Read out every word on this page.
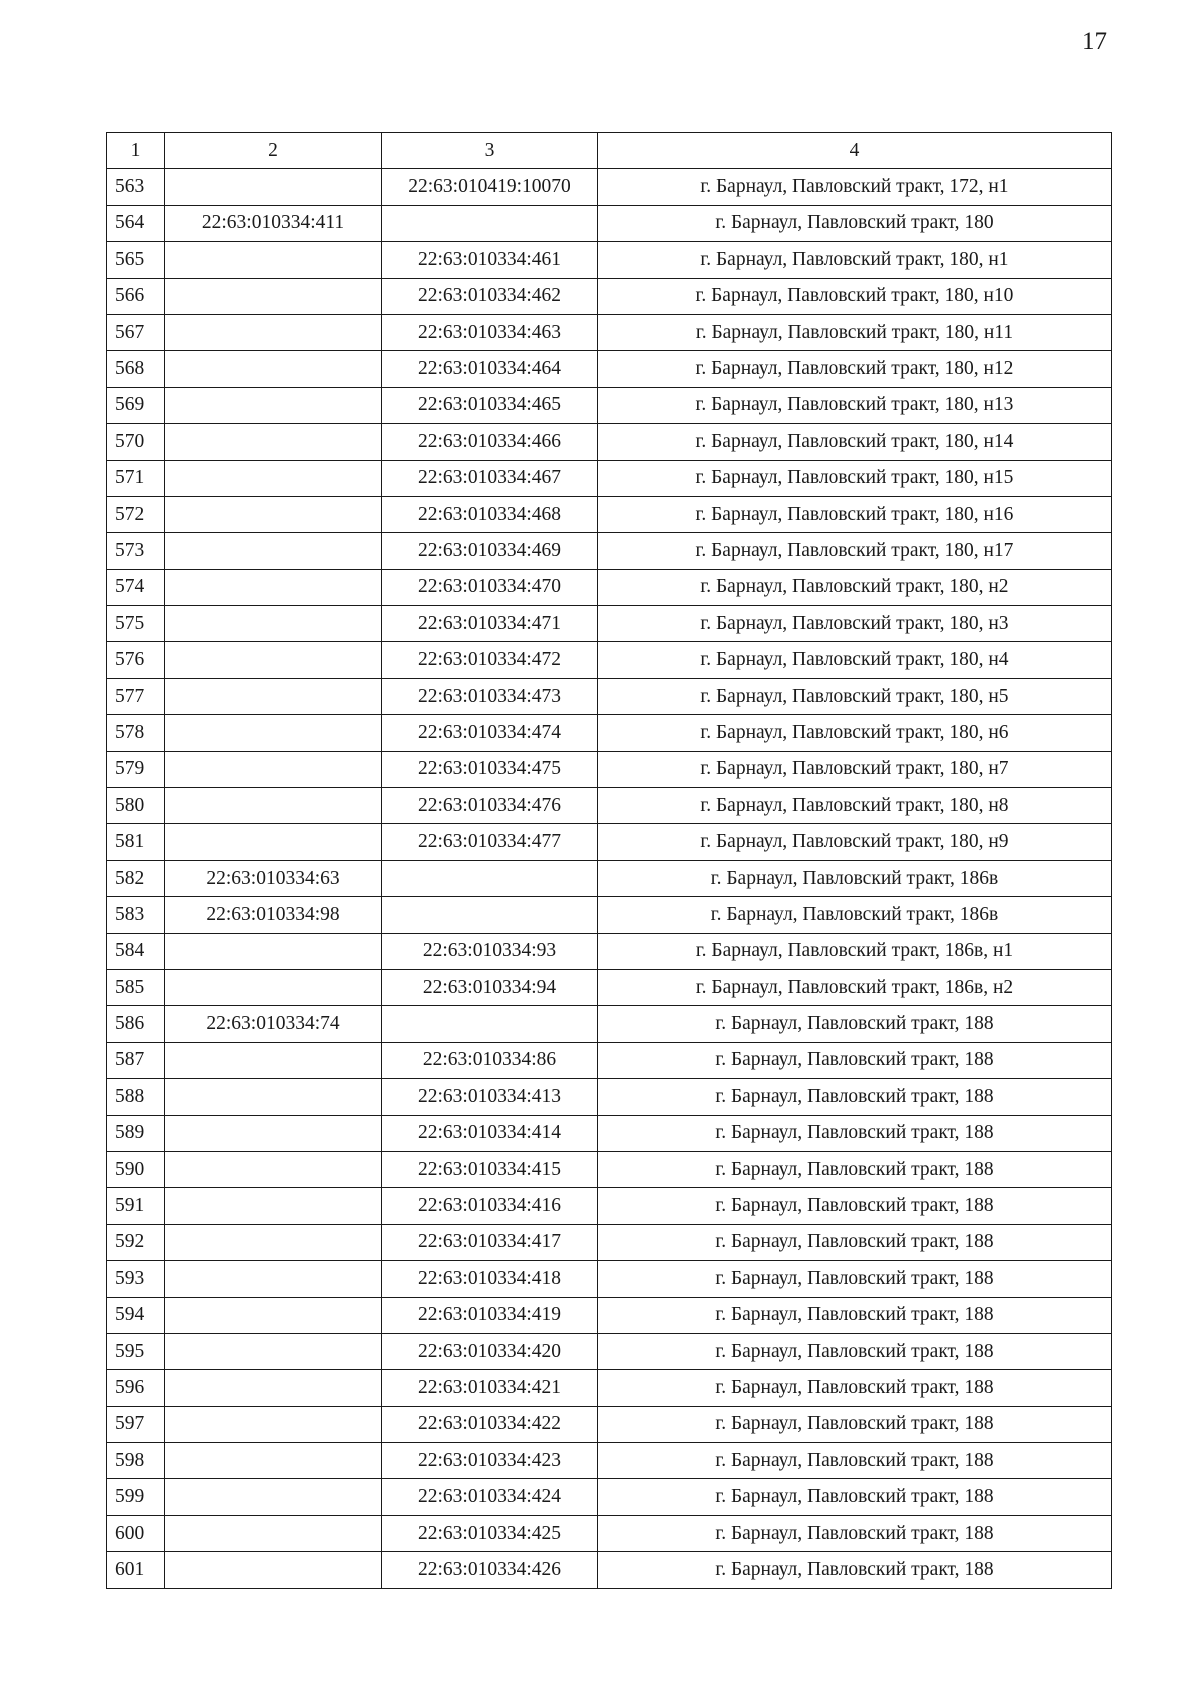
17
1	2	3	4
563		22:63:010419:10070	г. Барнаул, Павловский тракт, 172, н1
564	22:63:010334:411		г. Барнаул, Павловский тракт, 180
565		22:63:010334:461	г. Барнаул, Павловский тракт, 180, н1
566		22:63:010334:462	г. Барнаул, Павловский тракт, 180, н10
567		22:63:010334:463	г. Барнаул, Павловский тракт, 180, н11
568		22:63:010334:464	г. Барнаул, Павловский тракт, 180, н12
569		22:63:010334:465	г. Барнаул, Павловский тракт, 180, н13
570		22:63:010334:466	г. Барнаул, Павловский тракт, 180, н14
571		22:63:010334:467	г. Барнаул, Павловский тракт, 180, н15
572		22:63:010334:468	г. Барнаул, Павловский тракт, 180, н16
573		22:63:010334:469	г. Барнаул, Павловский тракт, 180, н17
574		22:63:010334:470	г. Барнаул, Павловский тракт, 180, н2
575		22:63:010334:471	г. Барнаул, Павловский тракт, 180, н3
576		22:63:010334:472	г. Барнаул, Павловский тракт, 180, н4
577		22:63:010334:473	г. Барнаул, Павловский тракт, 180, н5
578		22:63:010334:474	г. Барнаул, Павловский тракт, 180, н6
579		22:63:010334:475	г. Барнаул, Павловский тракт, 180, н7
580		22:63:010334:476	г. Барнаул, Павловский тракт, 180, н8
581		22:63:010334:477	г. Барнаул, Павловский тракт, 180, н9
582	22:63:010334:63		г. Барнаул, Павловский тракт, 186в
583	22:63:010334:98		г. Барнаул, Павловский тракт, 186в
584		22:63:010334:93	г. Барнаул, Павловский тракт, 186в, н1
585		22:63:010334:94	г. Барнаул, Павловский тракт, 186в, н2
586	22:63:010334:74		г. Барнаул, Павловский тракт, 188
587		22:63:010334:86	г. Барнаул, Павловский тракт, 188
588		22:63:010334:413	г. Барнаул, Павловский тракт, 188
589		22:63:010334:414	г. Барнаул, Павловский тракт, 188
590		22:63:010334:415	г. Барнаул, Павловский тракт, 188
591		22:63:010334:416	г. Барнаул, Павловский тракт, 188
592		22:63:010334:417	г. Барнаул, Павловский тракт, 188
593		22:63:010334:418	г. Барнаул, Павловский тракт, 188
594		22:63:010334:419	г. Барнаул, Павловский тракт, 188
595		22:63:010334:420	г. Барнаул, Павловский тракт, 188
596		22:63:010334:421	г. Барнаул, Павловский тракт, 188
597		22:63:010334:422	г. Барнаул, Павловский тракт, 188
598		22:63:010334:423	г. Барнаул, Павловский тракт, 188
599		22:63:010334:424	г. Барнаул, Павловский тракт, 188
600		22:63:010334:425	г. Барнаул, Павловский тракт, 188
601		22:63:010334:426	г. Барнаул, Павловский тракт, 188
